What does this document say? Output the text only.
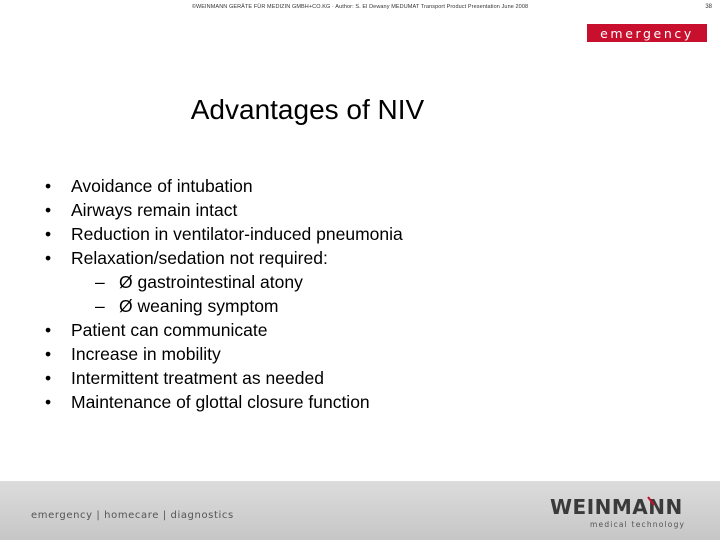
©WEINMANN GERÄTE FÜR MEDIZIN GMBH+CO.KG · Author: S. El Dewany MEDUMAT Transport Product Presentation June 2008	38
emergency
Advantages of NIV
• Avoidance of intubation
• Airways remain intact
• Reduction in ventilator-induced pneumonia
• Relaxation/sedation not required:
– Ø gastrointestinal atony
– Ø weaning symptom
• Patient can communicate
• Increase in mobility
• Intermittent treatment as needed
• Maintenance of glottal closure function
emergency | homecare | diagnostics	WEINMANN
medical technology
